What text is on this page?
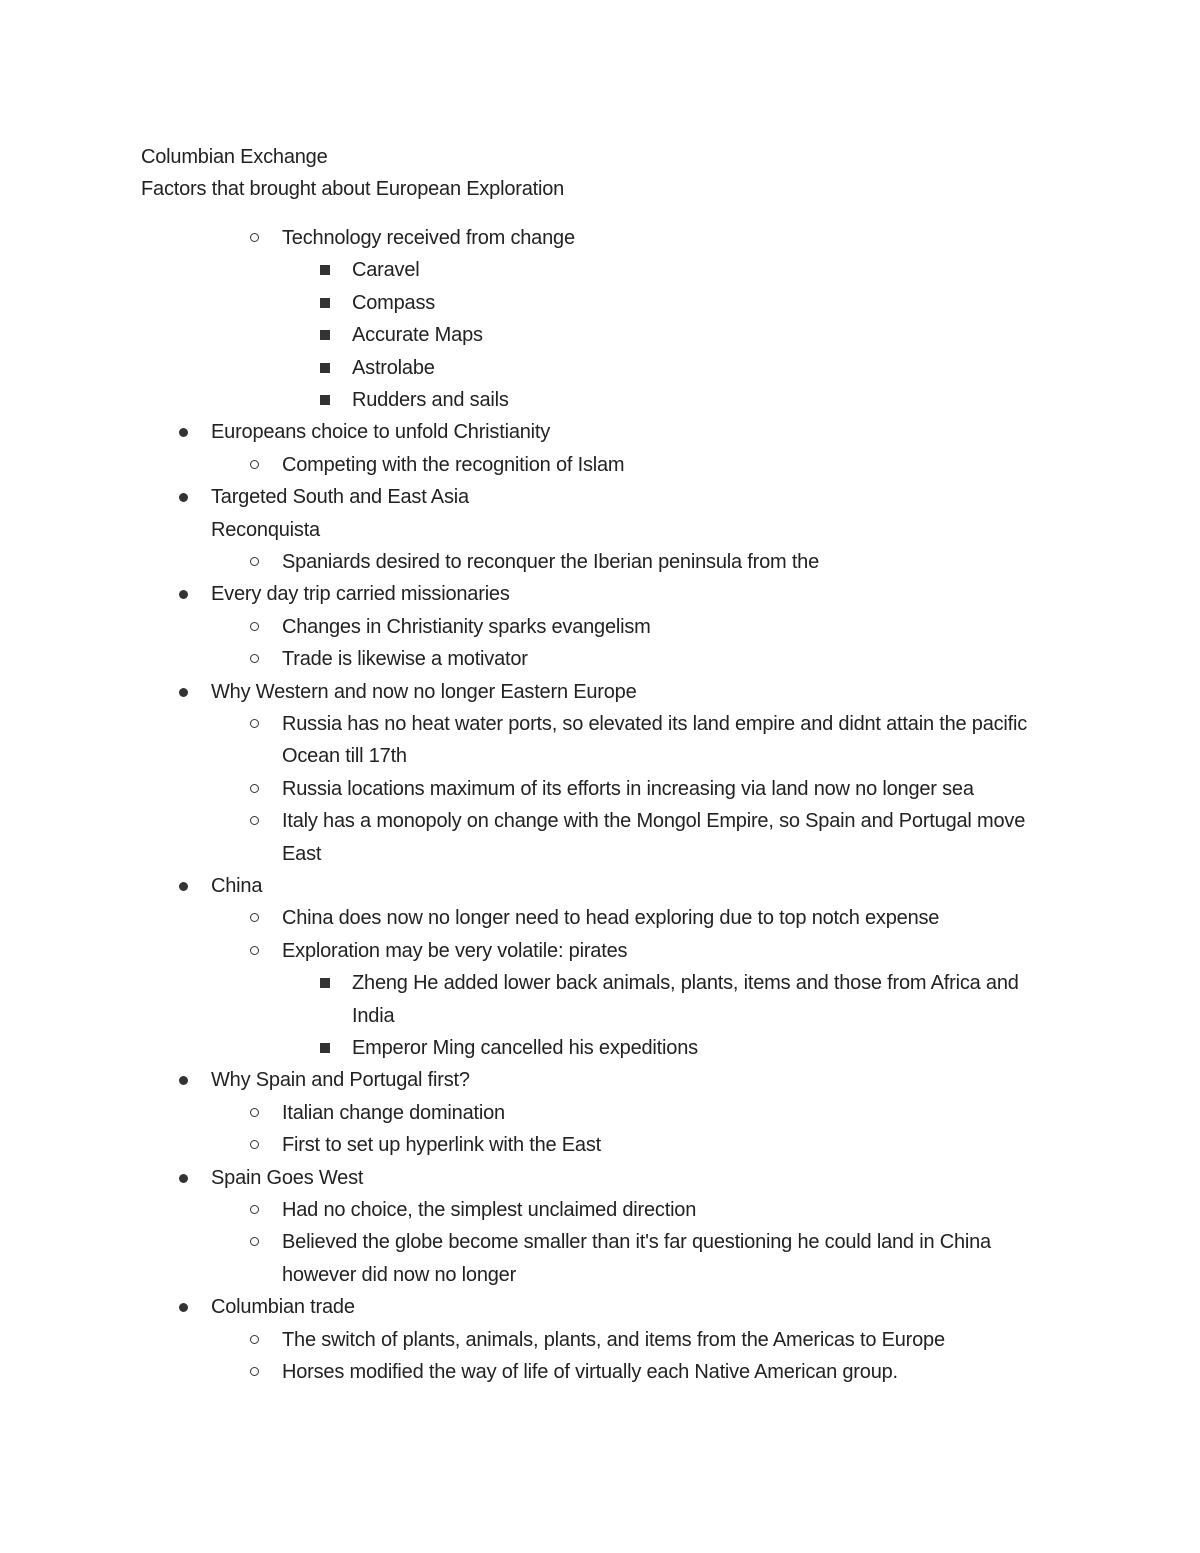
Columbian Exchange
Factors that brought about European Exploration
Technology received from change
Caravel
Compass
Accurate Maps
Astrolabe
Rudders and sails
Europeans choice to unfold Christianity
Competing with the recognition of Islam
Targeted South and East Asia
Reconquista
Spaniards desired to reconquer the Iberian peninsula from the
Every day trip carried missionaries
Changes in Christianity sparks evangelism
Trade is likewise a motivator
Why Western and now no longer Eastern Europe
Russia has no heat water ports, so elevated its land empire and didnt attain the pacific
Ocean till 17th
Russia locations maximum of its efforts in increasing via land now no longer sea
Italy has a monopoly on change with the Mongol Empire, so Spain and Portugal move
East
China
China does now no longer need to head exploring due to top notch expense
Exploration may be very volatile: pirates
Zheng He added lower back animals, plants, items and those from Africa and
India
Emperor Ming cancelled his expeditions
Why Spain and Portugal first?
Italian change domination
First to set up hyperlink with the East
Spain Goes West
Had no choice, the simplest unclaimed direction
Believed the globe become smaller than it's far questioning he could land in China
however did now no longer
Columbian trade
The switch of plants, animals, plants, and items from the Americas to Europe
Horses modified the way of life of virtually each Native American group.
